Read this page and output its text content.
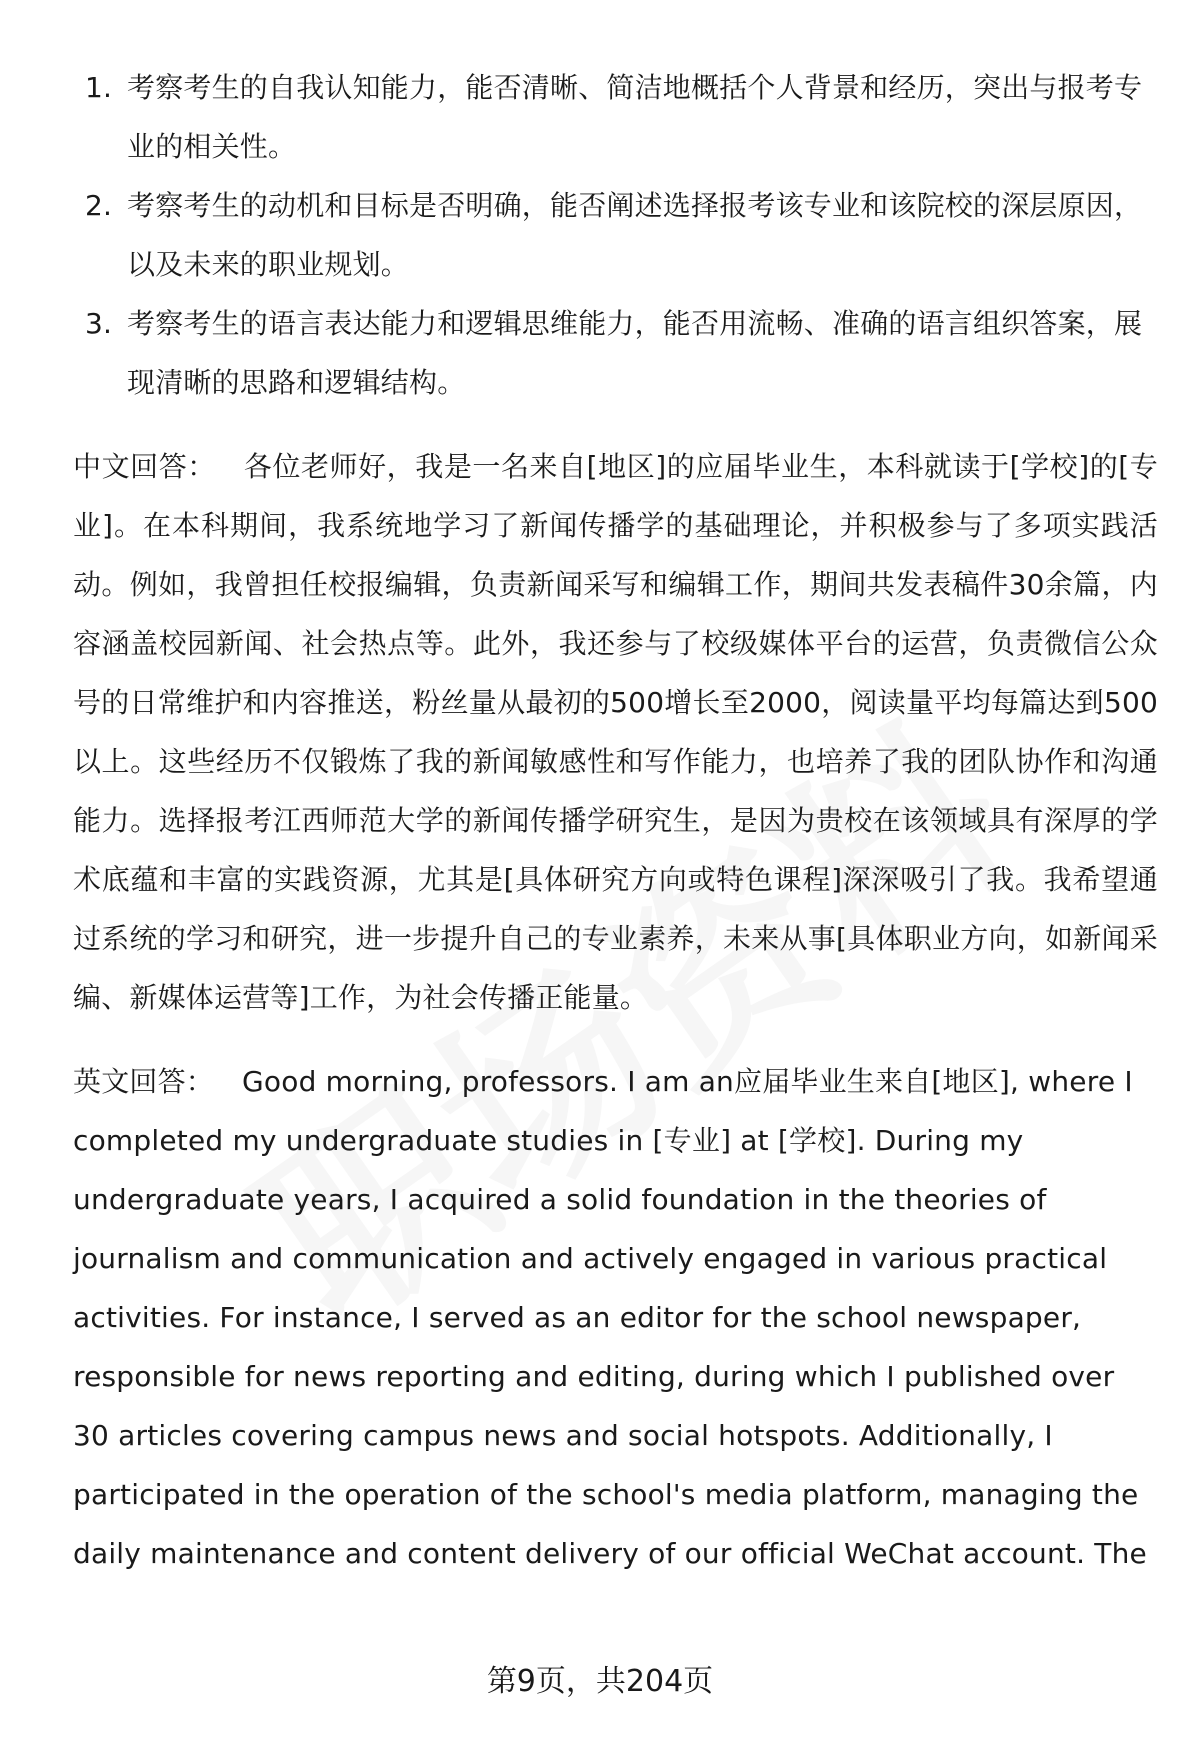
1. 考察考生的自我认知能力，能否清晰、简洁地概括个人背景和经历，突出与报考专业的相关性。
2. 考察考生的动机和目标是否明确，能否阐述选择报考该专业和该院校的深层原因，以及未来的职业规划。
3. 考察考生的语言表达能力和逻辑思维能力，能否用流畅、准确的语言组织答案，展现清晰的思路和逻辑结构。

中文回答： 各位老师好，我是一名来自[地区]的应届毕业生，本科就读于[学校]的[专业]。在本科期间，我系统地学习了新闻传播学的基础理论，并积极参与了多项实践活动。例如，我曾担任校报编辑，负责新闻采写和编辑工作，期间共发表稿件30余篇，内容涵盖校园新闻、社会热点等。此外，我还参与了校级媒体平台的运营，负责微信公众号的日常维护和内容推送，粉丝量从最初的500增长至2000，阅读量平均每篇达到500以上。这些经历不仅锻炼了我的新闻敏感性和写作能力，也培养了我的团队协作和沟通能力。选择报考江西师范大学的新闻传播学研究生，是因为贵校在该领域具有深厚的学术底蕴和丰富的实践资源，尤其是[具体研究方向或特色课程]深深吸引了我。我希望通过系统的学习和研究，进一步提升自己的专业素养，未来从事[具体职业方向，如新闻采编、新媒体运营等]工作，为社会传播正能量。

英文回答： Good morning, professors. I am an应届毕业生来自[地区], where I completed my undergraduate studies in [专业] at [学校]. During my undergraduate years, I acquired a solid foundation in the theories of journalism and communication and actively engaged in various practical activities. For instance, I served as an editor for the school newspaper, responsible for news reporting and editing, during which I published over 30 articles covering campus news and social hotspots. Additionally, I participated in the operation of the school's media platform, managing the daily maintenance and content delivery of our official WeChat account. The

第9页，共204页
